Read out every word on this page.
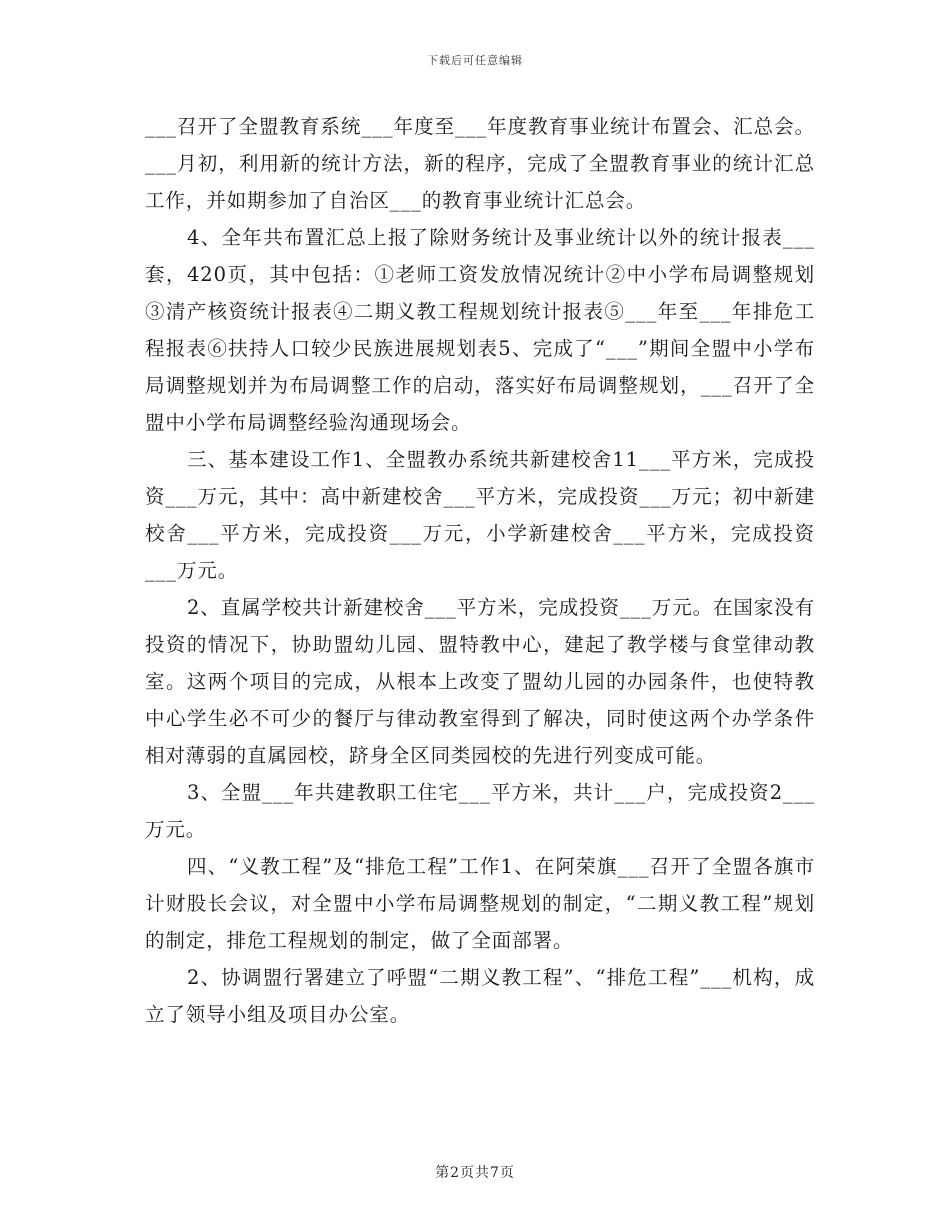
下载后可任意编辑

___召开了全盟教育系统___年度至___年度教育事业统计布置会、汇总会。___月初，利用新的统计方法，新的程序，完成了全盟教育事业的统计汇总工作，并如期参加了自治区___的教育事业统计汇总会。

4、全年共布置汇总上报了除财务统计及事业统计以外的统计报表___套，420页，其中包括：①老师工资发放情况统计②中小学布局调整规划③清产核资统计报表④二期义教工程规划统计报表⑤___年至___年排危工程报表⑥扶持人口较少民族进展规划表5、完成了“___”期间全盟中小学布局调整规划并为布局调整工作的启动，落实好布局调整规划，___召开了全盟中小学布局调整经验沟通现场会。

三、基本建设工作1、全盟教办系统共新建校舍11___平方米，完成投资___万元，其中：高中新建校舍___平方米，完成投资___万元；初中新建校舍___平方米，完成投资___万元，小学新建校舍___平方米，完成投资___万元。

2、直属学校共计新建校舍___平方米，完成投资___万元。在国家没有投资的情况下，协助盟幼儿园、盟特教中心，建起了教学楼与食堂律动教室。这两个项目的完成，从根本上改变了盟幼儿园的办园条件，也使特教中心学生必不可少的餐厅与律动教室得到了解决，同时使这两个办学条件相对薄弱的直属园校，跻身全区同类园校的先进行列变成可能。

3、全盟___年共建教职工住宅___平方米，共计___户，完成投资2___万元。

四、“义教工程”及“排危工程”工作1、在阿荣旗___召开了全盟各旗市计财股长会议，对全盟中小学布局调整规划的制定，“二期义教工程”规划的制定，排危工程规划的制定，做了全面部署。

2、协调盟行署建立了呼盟“二期义教工程”、“排危工程”___机构，成立了领导小组及项目办公室。

第2页共7页
